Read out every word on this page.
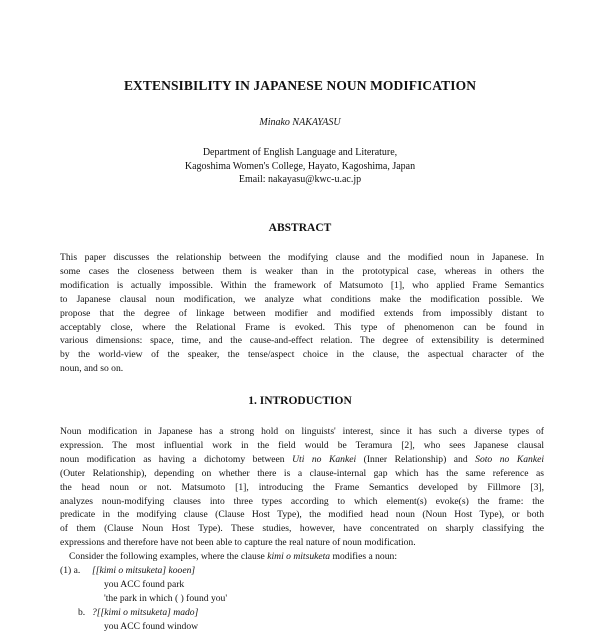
EXTENSIBILITY IN JAPANESE NOUN MODIFICATION
Minako NAKAYASU
Department of English Language and Literature,
Kagoshima Women's College, Hayato, Kagoshima, Japan
Email: nakayasu@kwc-u.ac.jp
ABSTRACT
This paper discusses the relationship between the modifying clause and the modified noun in Japanese. In
some cases the closeness between them is weaker than in the prototypical case, whereas in others the
modification is actually impossible. Within the framework of Matsumoto [1], who applied Frame Semantics
to Japanese clausal noun modification, we analyze what conditions make the modification possible. We
propose that the degree of linkage between modifier and modified extends from impossibly distant to
acceptably close, where the Relational Frame is evoked. This type of phenomenon can be found in
various dimensions: space, time, and the cause-and-effect relation. The degree of extensibility is determined
by the world-view of the speaker, the tense/aspect choice in the clause, the aspectual character of the
noun, and so on.
1. INTRODUCTION
Noun modification in Japanese has a strong hold on linguists' interest, since it has such a diverse types of
expression. The most influential work in the field would be Teramura [2], who sees Japanese clausal
noun modification as having a dichotomy between Uti no Kankei (Inner Relationship) and Soto no Kankei
(Outer Relationship), depending on whether there is a clause-internal gap which has the same reference as
the head noun or not. Matsumoto [1], introducing the Frame Semantics developed by Fillmore [3],
analyzes noun-modifying clauses into three types according to which element(s) evoke(s) the frame: the
predicate in the modifying clause (Clause Host Type), the modified head noun (Noun Host Type), or both
of them (Clause Noun Host Type). These studies, however, have concentrated on sharply classifying the
expressions and therefore have not been able to capture the real nature of noun modification.
Consider the following examples, where the clause kimi o mitsuketa modifies a noun:
(1) a. [[kimi o mitsuketa] kooen]
you ACC found park
'the park in which ( ) found you'
b. ?[[kimi o mitsuketa] mado]
you ACC found window
